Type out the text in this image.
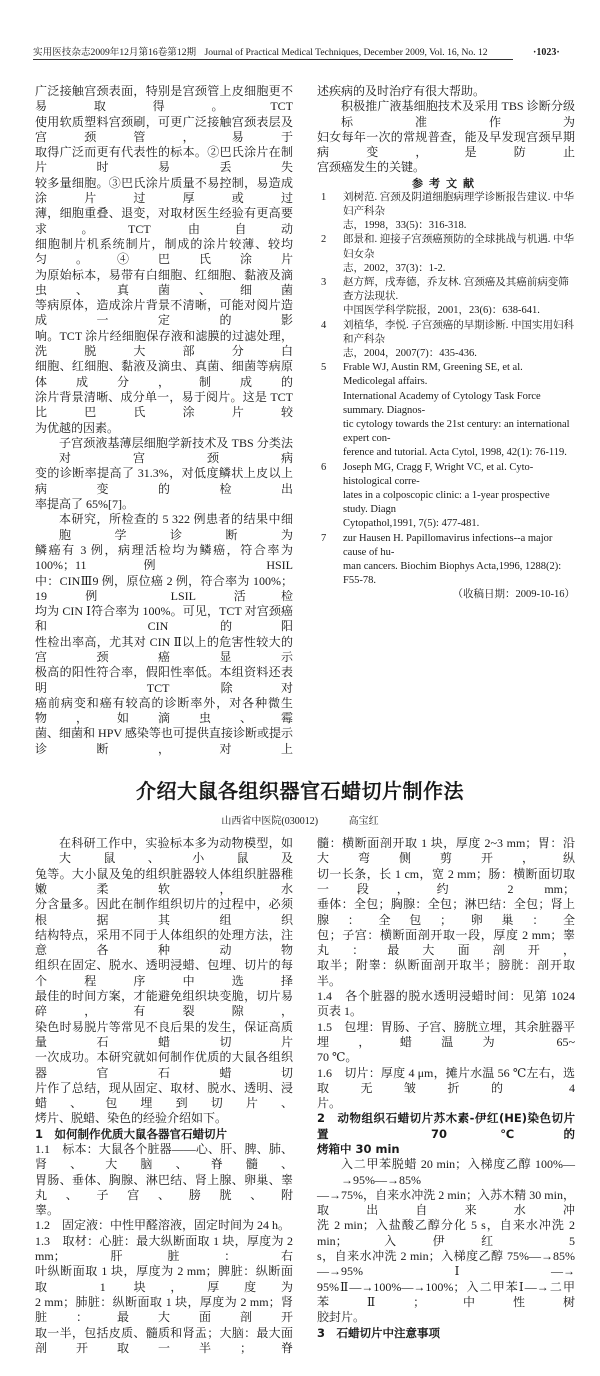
实用医技杂志2009年12月第16卷第12期 Journal of Practical Medical Techniques, December 2009, Vol. 16, No. 12	·1023·
广泛接触宫颈表面，特别是宫颈管上皮细胞更不易取得。TCT
使用软质塑料宫颈刷，可更广泛接触宫颈表层及宫颈管，易于
取得广泛而更有代表性的标本。②巴氏涂片在制片时易丢失
较多量细胞。③巴氏涂片质量不易控制，易造成涂片过厚或过
薄，细胞重叠、退变，对取材医生经验有更高要求。TCT 由自动
细胞制片机系统制片，制成的涂片较薄、较均匀。④巴氏涂片
为原始标本，易带有白细胞、红细胞、黏液及滴虫、真菌、细菌
等病原体，造成涂片背景不清晰，可能对阅片造成一定的影
响。TCT 涂片经细胞保存液和滤膜的过滤处理，洗脱大部分白
细胞、红细胞、黏液及滴虫、真菌、细菌等病原体成分，制成的
涂片背景清晰、成分单一，易于阅片。这是 TCT 比巴氏涂片较
为优越的因素。
子宫颈液基薄层细胞学新技术及 TBS 分类法对宫颈病
变的诊断率提高了 31.3%，对低度鳞状上皮以上病变的检出
率提高了 65%[7]。
本研究，所检查的 5 322 例患者的结果中细胞学诊断为
鳞癌有 3 例，病理活检均为鳞癌，符合率为 100%；11 例 HSIL
中：CINⅢ9 例，原位癌 2 例，符合率为 100%；19 例 LSIL 活检
均为 CIN Ⅰ符合率为 100%。可见，TCT 对宫颈癌和 CIN 的阳
性检出率高，尤其对 CIN Ⅱ以上的危害性较大的宫颈癌显示
极高的阳性符合率，假阳性率低。本组资料还表明 TCT 除对
癌前病变和癌有较高的诊断率外，对各种微生物，如滴虫、霉
菌、细菌和 HPV 感染等也可提供直接诊断或提示诊断，对上
述疾病的及时治疗有很大帮助。
积极推广液基细胞技术及采用 TBS 诊断分级标准作为
妇女每年一次的常规普查，能及早发现宫颈早期病变，是防止
宫颈癌发生的关键。
参考文献
1	刘树范. 宫颈及阴道细胞病理学诊断报告建议. 中华妇产科杂
志，1998，33(5)：316-318.
2	郎景和. 迎接子宫颈癌预防的全球挑战与机遇. 中华妇女杂
志，2002，37(3)：1-2.
3	赵方辉，戌寿德，乔友林. 宫颈癌及其癌前病变筛查方法现状.
中国医学科学院报，2001，23(6)：638-641.
4	刘植华，李悦. 子宫颈癌的早期诊断. 中国实用妇科和产科杂
志，2004，2007(7)：435-436.
5	Frable WJ, Austin RM, Greening SE, et al. Medicolegal affairs.
International Academy of Cytology Task Force summary. Diagnos-
tic cytology towards the 21st century: an international expert con-
ference and tutorial. Acta Cytol, 1998, 42(1): 76-119.
6	Joseph MG, Cragg F, Wright VC, et al. Cyto-histological corre-
lates in a colposcopic clinic: a 1-year prospective study. Diagn
Cytopathol,1991, 7(5): 477-481.
7	zur Hausen H. Papillomavirus infections--a major cause of hu-
man cancers. Biochim Biophys Acta,1996, 1288(2): F55-78.
（收稿日期：2009-10-16）
介绍大鼠各组织器官石蜡切片制作法
山西省中医院(030012)	高宝红
在科研工作中，实验标本多为动物模型，如大鼠、小鼠及
兔等。大小鼠及兔的组织脏器较人体组织脏器稚嫩柔软，水
分含量多。因此在制作组织切片的过程中，必须根据其组织
结构特点，采用不同于人体组织的处理方法，注意各种动物
组织在固定、脱水、透明浸蜡、包埋、切片的每个程序中选择
最佳的时间方案，才能避免组织块变脆，切片易碎，有裂隙，
染色时易脱片等常见不良后果的发生，保证高质量石蜡切片
一次成功。本研究就如何制作优质的大鼠各组织器官石蜡切
片作了总结，现从固定、取材、脱水、透明、浸蜡、包埋到切片、
烤片、脱蜡、染色的经验介绍如下。
1　如何制作优质大鼠各器官石蜡切片
1.1　标本：大鼠各个脏器——心、肝、脾、肺、肾、大脑、脊髓、
胃肠、垂体、胸腺、淋巴结、肾上腺、卵巢、睾丸、子宫、膀胱、附
睾。
1.2　固定液：中性甲醛溶液，固定时间为 24 h。
1.3　取材：心脏：最大纵断面取 1 块，厚度为 2 mm；肝脏：右
叶纵断面取 1 块，厚度为 2 mm；脾脏：纵断面取 1 块，厚度为
2 mm；肺脏：纵断面取 1 块，厚度为 2 mm；肾脏：最大面剖开
取一半，包括皮质、髓质和肾盂；大脑：最大面剖开取一半；脊
髓：横断面剖开取 1 块，厚度 2~3 mm；胃：沿大弯侧剪开，纵
切一长条，长 1 cm，宽 2 mm；肠：横断面切取一段，约 2 mm；
垂体：全包；胸腺：全包；淋巴结：全包；肾上腺：全包；卵巢：全
包；子宫：横断面剖开取一段，厚度 2 mm；睾丸：最大面剖开，
取半；附睾：纵断面剖开取半；膀胱：剖开取半。
1.4　各个脏器的脱水透明浸蜡时间：见第 1024 页表 1。
1.5　包埋：胃肠、子宫、膀胱立埋，其余脏器平埋，蜡温为 65~
70 ℃。
1.6　切片：厚度 4 μm，摊片水温 56 ℃左右，选取无皱折的 4
片。
2　动物组织石蜡切片苏木素-伊红(HE)染色切片置 70 ℃的
烤箱中 30 min
入二甲苯脱蜡 20 min；入梯度乙醇 100%—→95%—→85%
—→75%，自来水冲洗 2 min；入苏木精 30 min，取出自来水冲
洗 2 min；入盐酸乙醇分化 5 s，自来水冲洗 2 min；入伊红 5
s，自来水冲洗 2 min；入梯度乙醇 75%—→85%—→95%Ⅰ—→
95%Ⅱ—→100%—→100%；入二甲苯Ⅰ—→二甲苯Ⅱ；中性树
胶封片。
3　石蜡切片中注意事项
